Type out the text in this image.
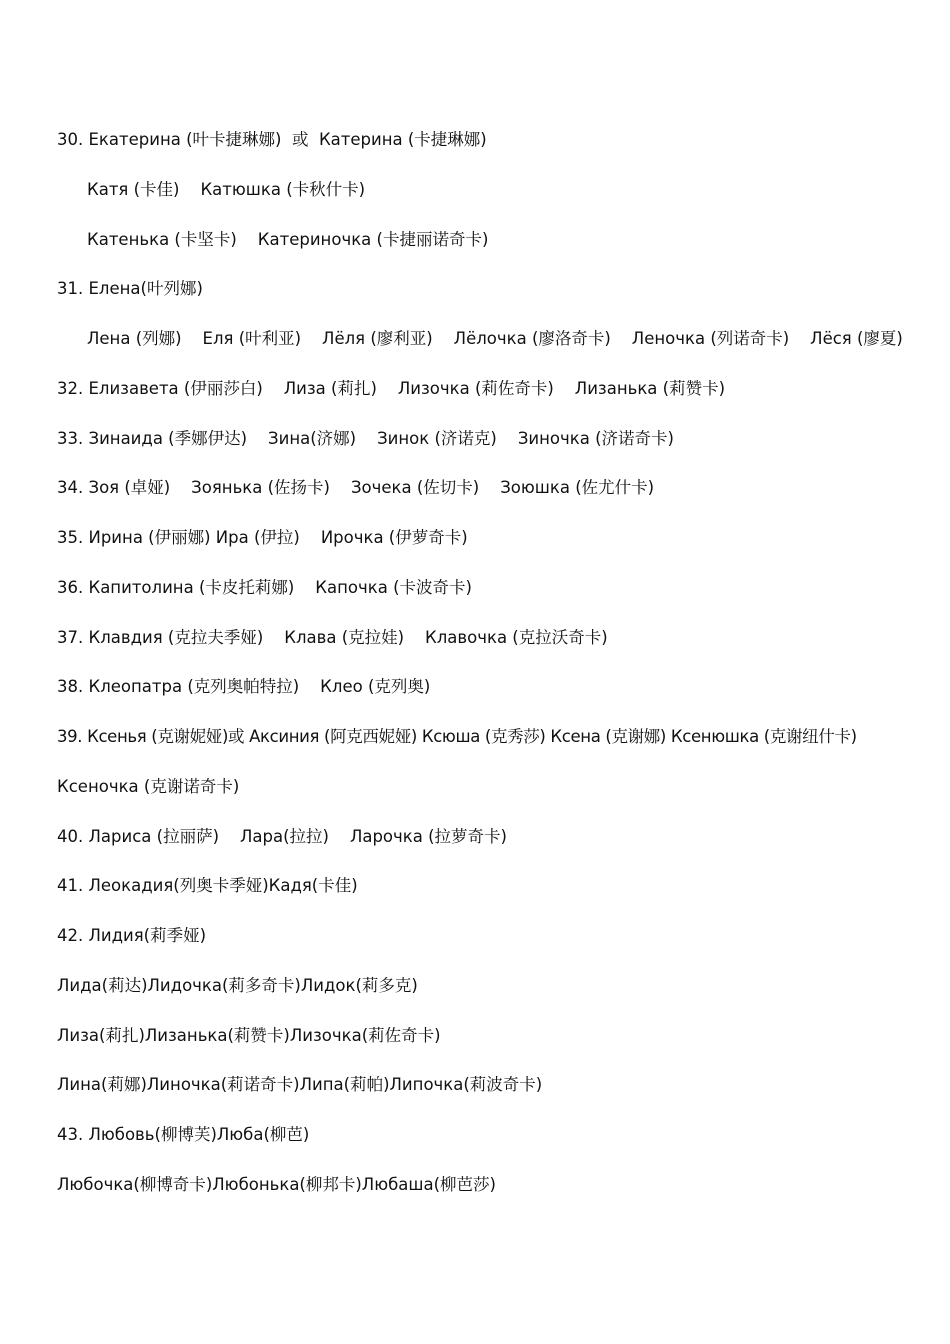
30. Екатерина (叶卡捷琳娜)  或  Катерина (卡捷琳娜)
Катя (卡佳)    Катюшка (卡秋什卡)
Катенька (卡坚卡)    Катериночка (卡捷丽诺奇卡)
31. Елена(叶列娜)
Лена (列娜)    Еля (叶利亚)    Лёля (廖利亚)    Лёлочка (廖洛奇卡)    Леночка (列诺奇卡)    Лёся (廖夏)
32. Елизавета (伊丽莎白)    Лиза (莉扎)    Лизочка (莉佐奇卡)    Лизанька (莉赞卡)
33. Зинаида (季娜伊达)    Зина(济娜)    Зинок (济诺克)    Зиночка (济诺奇卡)
34. Зоя (卓娅)    Зоянька (佐扬卡)    Зочека (佐切卡)    Зоюшка (佐尤什卡)
35. Ирина (伊丽娜) Ира (伊拉)    Ирочка (伊萝奇卡)
36. Капитолина (卡皮托莉娜)    Капочка (卡波奇卡)
37. Клавдия (克拉夫季娅)    Клава (克拉娃)    Клавочка (克拉沃奇卡)
38. Клеопатра (克列奥帕特拉)    Клео (克列奥)
39. Ксенья (克谢妮娅)或 Аксиния (阿克西妮娅) Ксюша (克秀莎) Ксена (克谢娜) Ксенюшка (克谢纽什卡)
Ксеночка (克谢诺奇卡)
40. Лариса (拉丽萨)    Лара(拉拉)    Ларочка (拉萝奇卡)
41. Леокадия(列奥卡季娅)Кадя(卡佳)
42. Лидия(莉季娅)
Лида(莉达)Лидочка(莉多奇卡)Лидок(莉多克)
Лиза(莉扎)Лизанька(莉赞卡)Лизочка(莉佐奇卡)
Лина(莉娜)Линочка(莉诺奇卡)Липа(莉帕)Липочка(莉波奇卡)
43. Любовь(柳博芙)Люба(柳芭)
Любочка(柳博奇卡)Любонька(柳邦卡)Любаша(柳芭莎)
